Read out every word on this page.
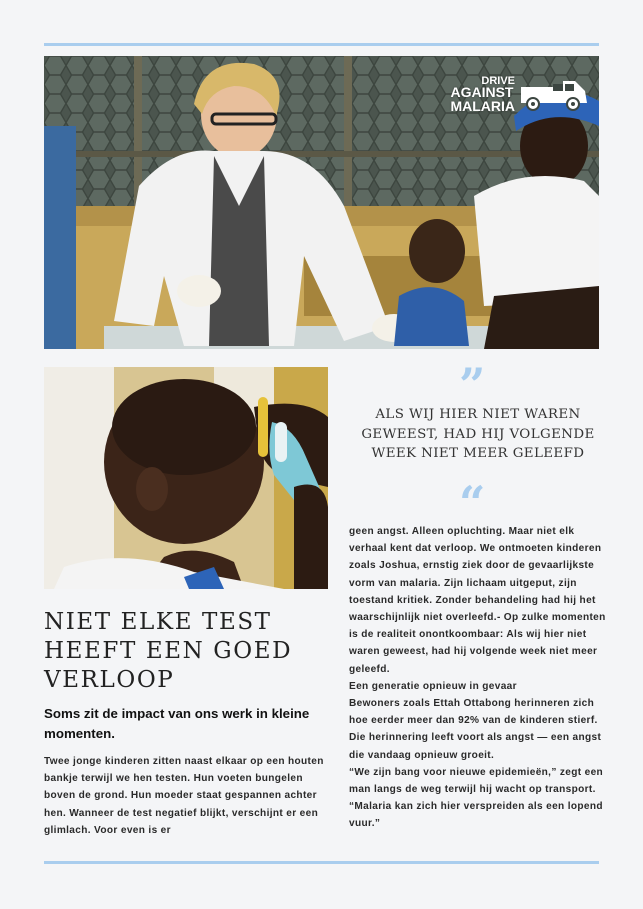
DRIVE
AGAINST
MALARIA
”
ALS WIJ HIER NIET WAREN GEWEEST, HAD HIJ VOLGENDE WEEK NIET MEER GELEEFD
“
NIET ELKE TEST HEEFT EEN GOED VERLOOP

Soms zit de impact van ons werk in kleine momenten.

Twee jonge kinderen zitten naast elkaar op een houten bankje terwijl we hen testen. Hun voeten bungelen boven de grond. Hun moeder staat gespannen achter hen. Wanneer de test negatief blijkt, verschijnt er een glimlach. Voor even is er

geen angst. Alleen opluchting. Maar niet elk verhaal kent dat verloop. We ontmoeten kinderen zoals Joshua, ernstig ziek door de gevaarlijkste vorm van malaria. Zijn lichaam uitgeput, zijn toestand kritiek. Zonder behandeling had hij het waarschijnlijk niet overleefd.- Op zulke momenten is de realiteit onontkoombaar: Als wij hier niet waren geweest, had hij volgende week niet meer geleefd.

Een generatie opnieuw in gevaar

Bewoners zoals Ettah Ottabong herinneren zich hoe eerder meer dan 92% van de kinderen stierf. Die herinnering leeft voort als angst — een angst die vandaag opnieuw groeit.

“We zijn bang voor nieuwe epidemieën,” zegt een man langs de weg terwijl hij wacht op transport. “Malaria kan zich hier verspreiden als een lopend vuur.”
